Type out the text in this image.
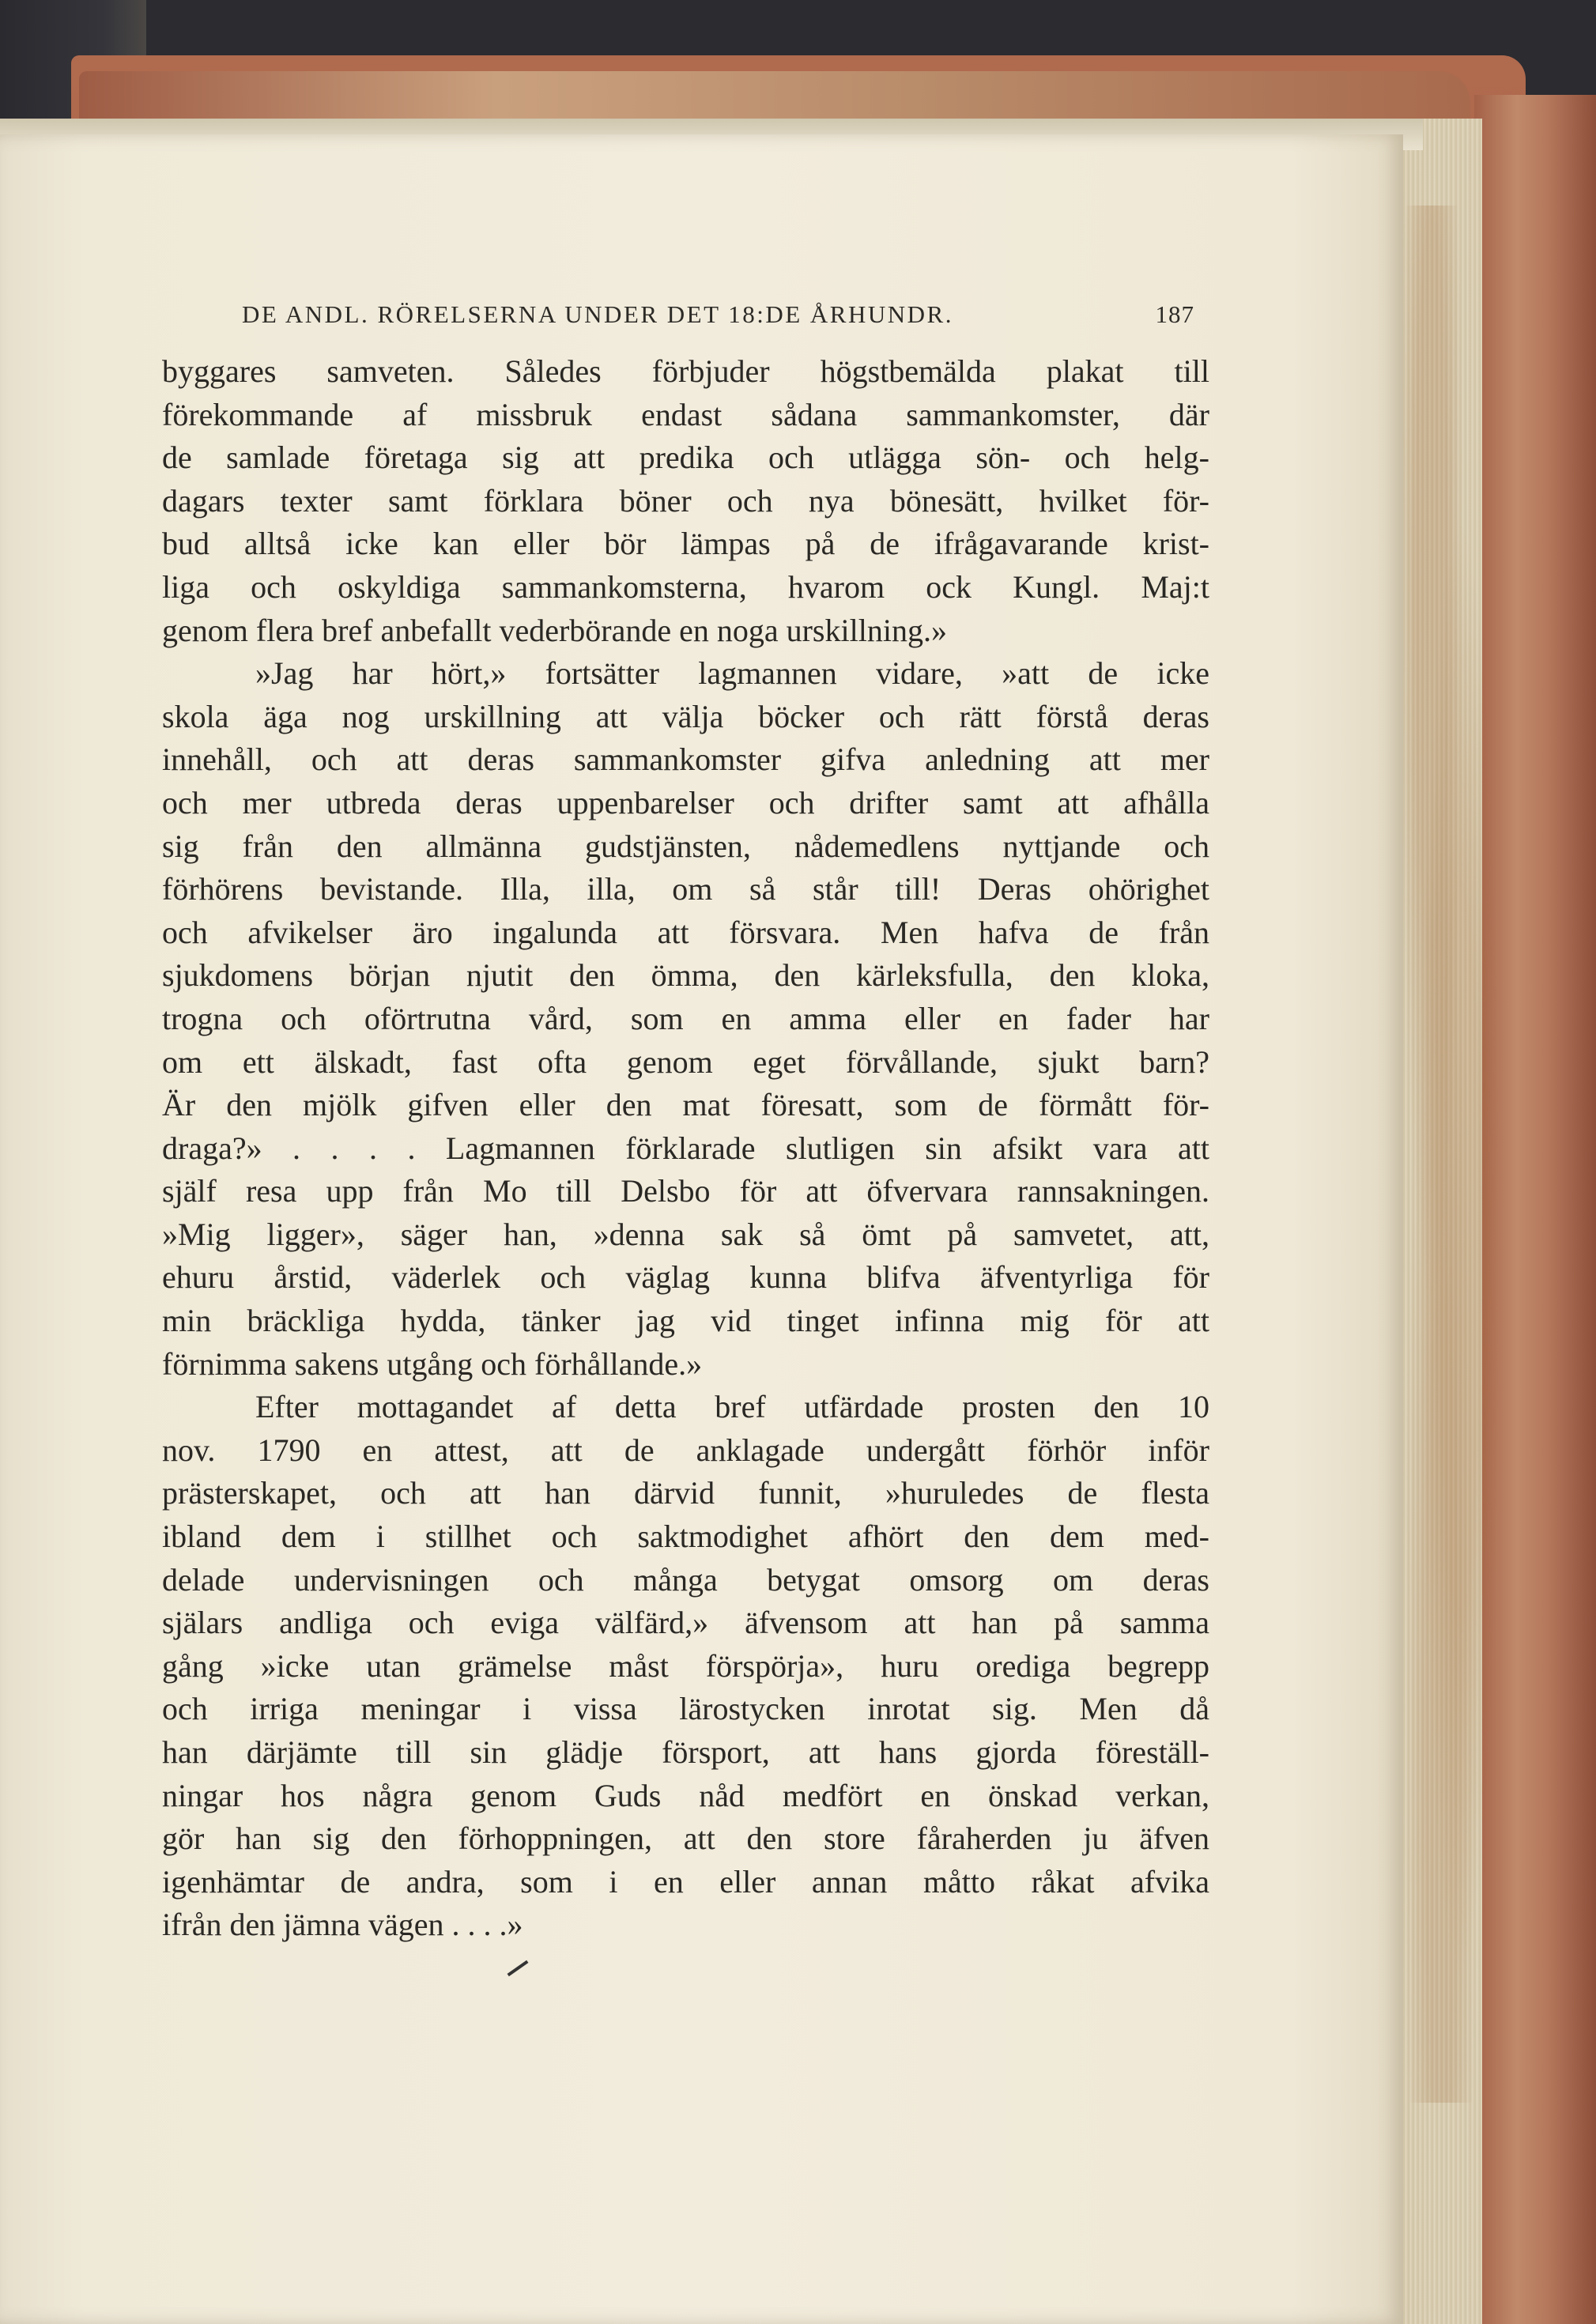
DE ANDL. RÖRELSERNA UNDER DET 18:DE ÅRHUNDR.	187
byggares samveten. Således förbjuder högstbemälda plakat till
förekommande af missbruk endast sådana sammankomster, där
de samlade företaga sig att predika och utlägga sön- och helg-
dagars texter samt förklara böner och nya bönesätt, hvilket för-
bud alltså icke kan eller bör lämpas på de ifrågavarande krist-
liga och oskyldiga sammankomsterna, hvarom ock Kungl. Maj:t
genom flera bref anbefallt vederbörande en noga urskillning.»
»Jag har hört,» fortsätter lagmannen vidare, »att de icke
skola äga nog urskillning att välja böcker och rätt förstå deras
innehåll, och att deras sammankomster gifva anledning att mer
och mer utbreda deras uppenbarelser och drifter samt att afhålla
sig från den allmänna gudstjänsten, nådemedlens nyttjande och
förhörens bevistande. Illa, illa, om så står till! Deras ohörighet
och afvikelser äro ingalunda att försvara. Men hafva de från
sjukdomens början njutit den ömma, den kärleksfulla, den kloka,
trogna och oförtrutna vård, som en amma eller en fader har
om ett älskadt, fast ofta genom eget förvållande, sjukt barn?
Är den mjölk gifven eller den mat föresatt, som de förmått för-
draga?» . . . . Lagmannen förklarade slutligen sin afsikt vara att
själf resa upp från Mo till Delsbo för att öfvervara rannsakningen.
»Mig ligger», säger han, »denna sak så ömt på samvetet, att,
ehuru årstid, väderlek och väglag kunna blifva äfventyrliga för
min bräckliga hydda, tänker jag vid tinget infinna mig för att
förnimma sakens utgång och förhållande.»
Efter mottagandet af detta bref utfärdade prosten den 10
nov. 1790 en attest, att de anklagade undergått förhör inför
prästerskapet, och att han därvid funnit, »huruledes de flesta
ibland dem i stillhet och saktmodighet afhört den dem med-
delade undervisningen och många betygat omsorg om deras
själars andliga och eviga välfärd,» äfvensom att han på samma
gång »icke utan grämelse måst förspörja», huru orediga begrepp
och irriga meningar i vissa lärostycken inrotat sig. Men då
han därjämte till sin glädje försport, att hans gjorda föreställ-
ningar hos några genom Guds nåd medfört en önskad verkan,
gör han sig den förhoppningen, att den store fåraherden ju äfven
igenhämtar de andra, som i en eller annan måtto råkat afvika
ifrån den jämna vägen . . . .»
